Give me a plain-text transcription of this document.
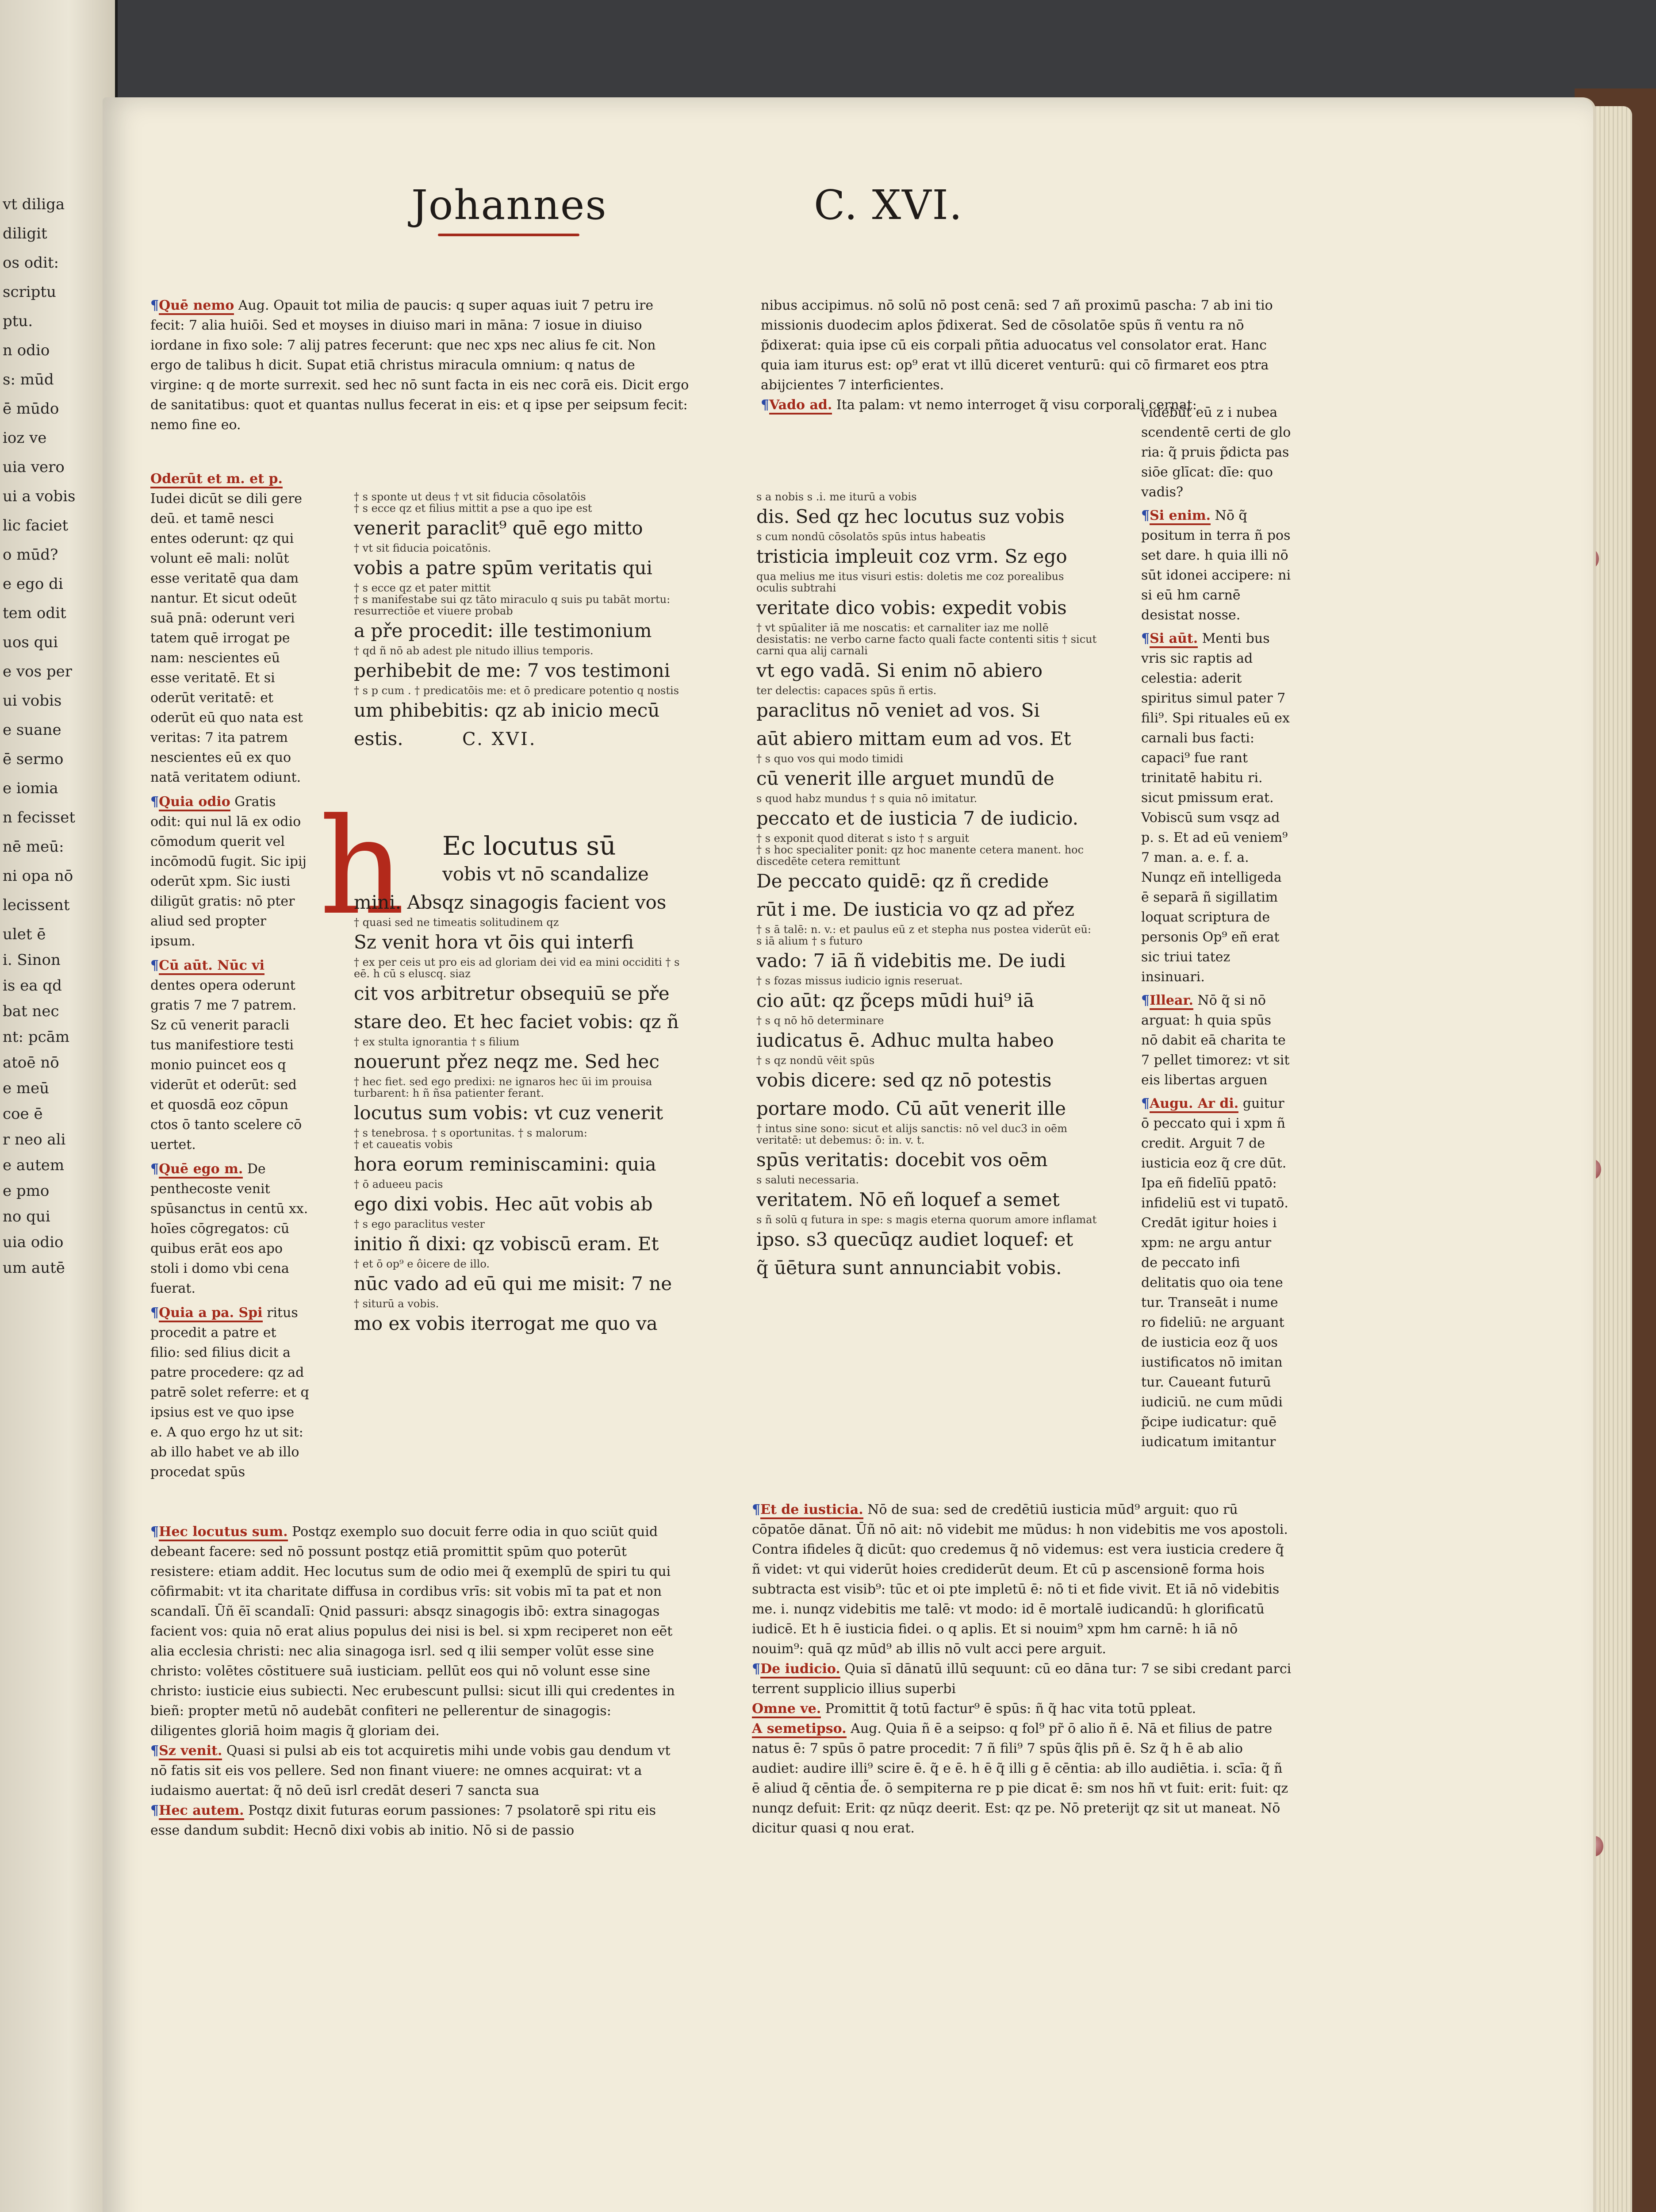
vt diliga
diligit
os odit:
scriptu
ptu.
n odio
s: mūd
ē mūdo
ioz ve
uia vero
ui a vobis
lic faciet
o mūd?
e ego di
tem odit
uos qui
e vos per
ui vobis
e suane
ē sermo
e iomia
n fecisset
nē meū:
ni opa nō
lecissent
ulet ē
i. Sinon
is ea qd
bat nec
nt: pcām
atoē nō
e meū
coe ē
r neo ali
e autem
e pmo
no qui
uia odio
um autē
Johannes	C. XVI.

¶Quē nemo Aug. Opauit tot milia de paucis: q super aquas iuit 7 petru ire fecit: 7 alia huiōi. Sed et moyses in diuiso mari in māna: 7 iosue in diuiso iordane in fixo sole: 7 alij patres fecerunt: que nec xps nec alius fe cit. Non ergo de talibus h dicit. Supat etiā christus miracula omnium: q natus de virgine: q de morte surrexit. sed hec nō sunt facta in eis nec corā eis. Dicit ergo de sanitatibus: quot et quantas nullus fecerat in eis: et q ipse per seipsum fecit: nemo fine eo.

Oderūt et m. et p. Iudei dicūt se dili gere deū. et tamē nesci entes oderunt: qz qui volunt eē mali: nolūt esse veritatē qua dam nantur. Et sicut odeūt suā pnā: oderunt veri tatem quē irrogat pe nam: nescientes eū esse veritatē. Et si oderūt veritatē: et oderūt eū quo nata est veritas: 7 ita patrem nescientes eū ex quo natā veritatem odiunt.

¶Quia odio Gratis odit: qui nul lā ex odio cōmodum querit vel incōmodū fugit. Sic ipij oderūt xpm. Sic iusti diligūt gratis: nō pter aliud sed propter ipsum.

¶Cū aūt. Nūc vi dentes opera oderunt gratis 7 me 7 patrem. Sz cū venerit paracli tus manifestiore testi monio puincet eos q viderūt et oderūt: sed et quosdā eoz cōpun ctos ō tanto scelere cō uertet.

¶Quē ego m. De penthecoste venit spūsanctus in centū xx. hoīes cōgregatos: cū quibus erāt eos apo stoli i domo vbi cena fuerat.

¶Quia a pa. Spi ritus procedit a patre et filio: sed filius dicit a patre procedere: qz ad patrē solet referre: et q ipsius est ve quo ipse e. A quo ergo hz ut sit: ab illo habet ve ab illo procedat spūs

† s sponte ut deus † vt sit fiducia cōsolatōis
† s ecce qz et filius mittit a pse a quo ipe est

venerit paraclit⁹ quē ego mitto

† vt sit fiducia poicatōnis.

vobis a patre spūm veritatis qui

† s ecce qz et pater mittit
† s manifestabe sui qz tāto miraculo q suis pu tabāt mortu: resurrectiōe et viuere probab

a pře procedit: ille testimonium

† qd ñ nō ab adest ple nitudo illius temporis.

perhibebit de me: 7 vos testimoni

† s p cum . † predicatōis me: et ō predicare potentio q nostis

um phibebitis: qz ab inicio mecū

estis.	C. XVI.

h	Ec locutus sū

vobis vt nō scandalize

mini. Absqz sinagogis facient vos

† quasi sed ne timeatis solitudinem qz

Sz venit hora vt ōis qui interfi

† ex per ceis ut pro eis ad gloriam dei vid ea mini occiditi † s eē. h cū s eluscq. siaz

cit vos arbitretur obsequiū se pře

stare deo. Et hec faciet vobis: qz ñ

† ex stulta ignorantia † s filium

nouerunt přez neqz me. Sed hec

† hec fiet. sed ego predixi: ne ignaros hec ūi im prouisa turbarent: h ñ ñsa patienter ferant.

locutus sum vobis: vt cuz venerit

† s tenebrosa. † s oportunitas. † s malorum:
† et caueatis vobis

hora eorum reminiscamini: quia

† ō adueeu pacis

ego dixi vobis. Hec aūt vobis ab

† s ego paraclitus vester

initio ñ dixi: qz vobiscū eram. Et

† et ō op⁹ e ôicere de illo.

nūc vado ad eū qui me misit: 7 ne

† siturū a vobis.

mo ex vobis iterrogat me quo va

nibus accipimus. nō solū nō post cenā: sed 7 añ proximū pascha: 7 ab ini tio missionis duodecim aplos p̃dixerat. Sed de cōsolatōe spūs ñ ventu ra nō p̃dixerat: quia ipse cū eis corpali pñtia aduocatus vel consolator erat. Hanc quia iam iturus est: op⁹ erat vt illū diceret venturū: qui cō firmaret eos ptra abijcientes 7 interficientes.

¶Vado ad. Ita palam: vt nemo interroget q̃ visu corporali cernat:

s a nobis s .i. me iturū a vobis

dis. Sed qz hec locutus suz vobis

s cum nondū cōsolatōs spūs intus habeatis

tristicia impleuit coz vrm. Sz ego

qua melius me itus visuri estis: doletis me coz porealibus oculis subtrahi

veritate dico vobis: expedit vobis

† vt spūaliter iā me noscatis: et carnaliter iaz me nollē desistatis: ne verbo carne facto quali facte contenti sitis † sicut carni qua alij carnali

vt ego vadā. Si enim nō abiero

ter delectis: capaces spūs ñ ertis.

paraclitus nō veniet ad vos. Si

aūt abiero mittam eum ad vos. Et

† s quo vos qui modo timidi

cū venerit ille arguet mundū de

s quod habz mundus † s quia nō imitatur.

peccato et de iusticia 7 de iudicio.

† s exponit quod diterat s isto † s arguit
† s hoc specialiter ponit: qz hoc manente cetera manent. hoc discedēte cetera remittunt

De peccato quidē: qz ñ credide

rūt i me. De iusticia vo qz ad přez

† s ā talē: n. v.: et paulus eū z et stepha nus postea viderūt eū: s iā alium † s futuro

vado: 7 iā ñ videbitis me. De iudi

† s fozas missus iudicio ignis reseruat.

cio aūt: qz p̃ceps mūdi hui⁹ iā

† s q nō hō determinare

iudicatus ē. Adhuc multa habeo

† s qz nondū vēit spūs

vobis dicere: sed qz nō potestis

portare modo. Cū aūt venerit ille

† intus sine sono: sicut et alijs sanctis: nō vel duc3 in oēm veritatē: ut debemus: ō: in. v. t.

spūs veritatis: docebit vos oēm

s saluti necessaria.

veritatem. Nō eñ loquef a semet

s ñ solū q futura in spe: s magis eterna quorum amore inflamat

ipso. s3 quecūqz audiet loquef: et

q̃ ūētura sunt annunciabit vobis.

videbūt eū z i nubea scendentē certi de glo ria: q̃ pruis p̃dicta pas siōe glīcat: dīe: quo vadis?

¶Si enim. Nō q̃ positum in terra ñ pos set dare. h quia illi nō sūt idonei accipere: ni si eū hm carnē desistat nosse.

¶Si aūt. Menti bus vris sic raptis ad celestia: aderit spiritus simul pater 7 fili⁹. Spi rituales eū ex carnali bus facti: capaci⁹ fue rant trinitatē habitu ri. sicut pmissum erat. Vobiscū sum vsqz ad p. s. Et ad eū veniem⁹ 7 man. a. e. f. a. Nunqz eñ intelligeda ē separā ñ sigillatim loquat scriptura de personis Op⁹ eñ erat sic triui tatez insinuari.

¶Illear. Nō q̃ si nō arguat: h quia spūs nō dabit eā charita te 7 pellet timorez: vt sit eis libertas arguen

¶Augu. Ar di. guitur ō peccato qui i xpm ñ credit. Arguit 7 de iusticia eoz q̃ cre dūt. Ipa eñ fidelīū ppatō: infideliū est vi tupatō. Credāt igitur hoies i xpm: ne argu antur de peccato infi delitatis quo oia tene tur. Transeāt i nume ro fideliū: ne arguant de iusticia eoz q̃ uos iustificatos nō imitan tur. Caueant futurū iudiciū. ne cum mūdi p̃cipe iudicatur: quē iudicatum imitantur

¶Hec locutus sum. Postqz exemplo suo docuit ferre odia in quo sciūt quid debeant facere: sed nō possunt postqz etiā promittit spūm quo poterūt resistere: etiam addit. Hec locutus sum de odio mei q̃ exemplū de spiri tu qui cōfirmabit: vt ita charitate diffusa in cordibus vrīs: sit vobis mī ta pat et non scandalī. Ūñ ēī scandalī: Qnid passuri: absqz sinagogis ibō: extra sinagogas facient vos: quia nō erat alius populus dei nisi is bel. si xpm reciperet non eēt alia ecclesia christi: nec alia sinagoga isrl. sed q ilii semper volūt esse sine christo: volētes cōstituere suā iusticiam. pellūt eos qui nō volunt esse sine christo: iusticie eius subiecti. Nec erubescunt pullsi: sicut illi qui credentes in bieñ: propter metū nō audebāt confiteri ne pellerentur de sinagogis: diligentes gloriā hoim magis q̃ gloriam dei.

¶Sz venit. Quasi si pulsi ab eis tot acquiretis mihi unde vobis gau dendum vt nō fatis sit eis vos pellere. Sed non finant viuere: ne omnes acquirat: vt a iudaismo auertat: q̃ nō deū isrl credāt deseri 7 sancta sua

¶Hec autem. Postqz dixit futuras eorum passiones: 7 psolatorē spi ritu eis esse dandum subdit: Hecnō dixi vobis ab initio. Nō si de passio

¶Et de iusticia. Nō de sua: sed de credētiū iusticia mūd⁹ arguit: quo rū cōpatōe dānat. Ūñ nō ait: nō videbit me mūdus: h non videbitis me vos apostoli. Contra ifideles q̃ dicūt: quo credemus q̃ nō videmus: est vera iusticia credere q̃ ñ videt: vt qui viderūt hoies crediderūt deum. Et cū p ascensionē forma hois subtracta est visib⁹: tūc et oi pte impletū ē: nō ti et fide vivit. Et iā nō videbitis me. i. nunqz videbitis me talē: vt modo: id ē mortalē iudicandū: h glorificatū iudicē. Et h ē iusticia fidei. o q aplis. Et si nouim⁹ xpm hm carnē: h iā nō nouim⁹: quā qz mūd⁹ ab illis nō vult acci pere arguit.

¶De iudicio. Quia sī dānatū illū sequunt: cū eo dāna tur: 7 se sibi credant parci terrent supplicio illius superbi

Omne ve. Promittit q̃ totū factur⁹ ē spūs: ñ q̃ hac vita totū ppleat.

A semetipso. Aug. Quia ñ ē a seipso: q fol⁹ pr̃ ō alio ñ ē. Nā et filius de patre natus ē: 7 spūs ō patre procedit: 7 ñ fili⁹ 7 spūs q̃lis pñ ē. Sz q̃ h ē ab alio audiet: audire illi⁹ scire ē. q̃ e ē. h ē q̃ illi g ē cēntia: ab illo audiētia. i. scīa: q̃ ñ ē aliud q̃ cēntia d̃e. ō sempiterna re p pie dicat ē: sm nos hñ vt fuit: erit: fuit: qz nunqz defuit: Erit: qz nūqz deerit. Est: qz pe. Nō preterijt qz sit ut maneat. Nō dicitur quasi q nou erat.
